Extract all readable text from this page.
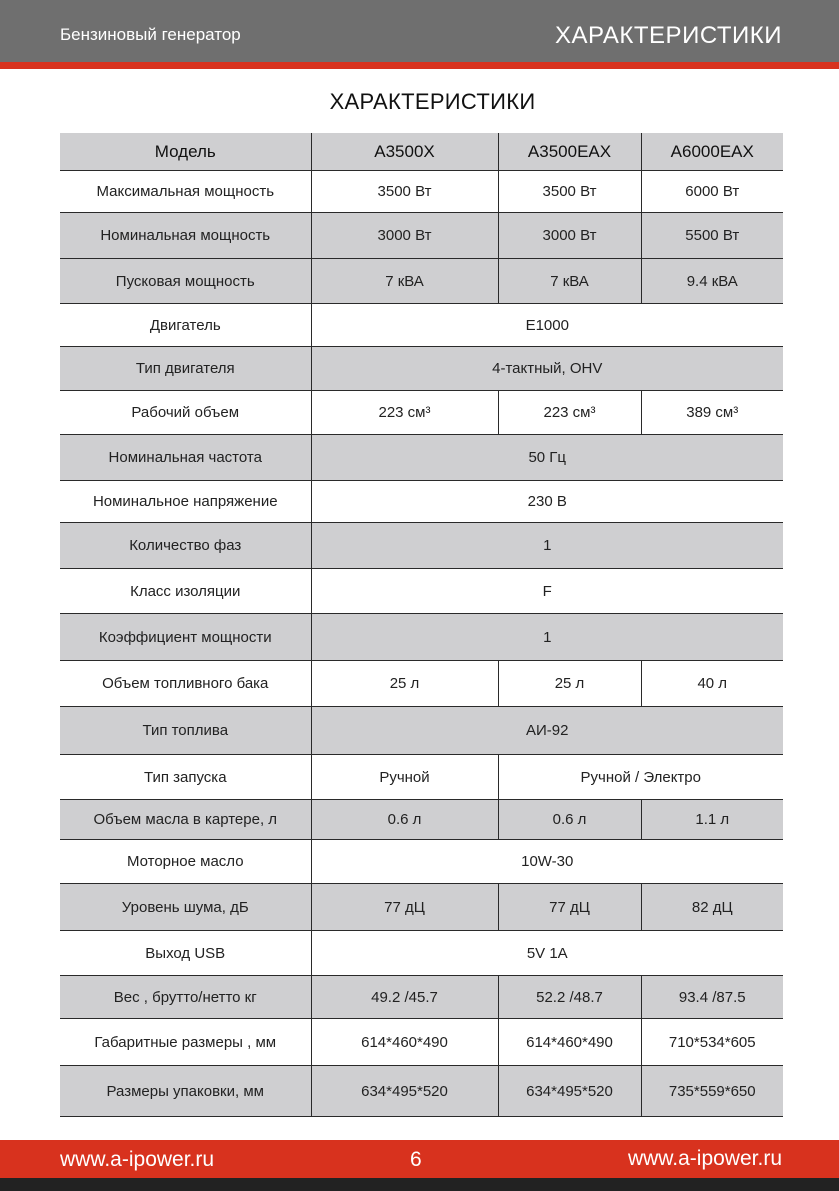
Бензиновый генератор	ХАРАКТЕРИСТИКИ
ХАРАКТЕРИСТИКИ
Модель	A3500X	A3500EAX	A6000EAX
Максимальная мощность	3500 Вт	3500 Вт	6000 Вт
Номинальная мощность	3000 Вт	3000 Вт	5500 Вт
Пусковая мощность	7 кВА	7 кВА	9.4 кВА
Двигатель	E1000		
Тип двигателя	4-тактный, OHV		
Рабочий объем	223 см³	223 см³	389 см³
Номинальная частота	50 Гц		
Номинальное напряжение	230 В		
Количество фаз	1		
Класс изоляции	F		
Коэффициент мощности	1		
Объем топливного бака	25 л	25 л	40 л
Тип топлива	АИ-92		
Тип запуска	Ручной	Ручной / Электро	
Объем масла в картере, л	0.6 л	0.6 л	1.1 л
Моторное масло	10W-30		
Уровень шума, дБ	77 дЦ	77 дЦ	82 дЦ
Выход USB	5V 1A		
Вес , брутто/нетто кг	49.2 /45.7	52.2 /48.7	93.4 /87.5
Габаритные размеры , мм	614*460*490	614*460*490	710*534*605
Размеры упаковки, мм	634*495*520	634*495*520	735*559*650
www.a-ipower.ru	6	www.a-ipower.ru
